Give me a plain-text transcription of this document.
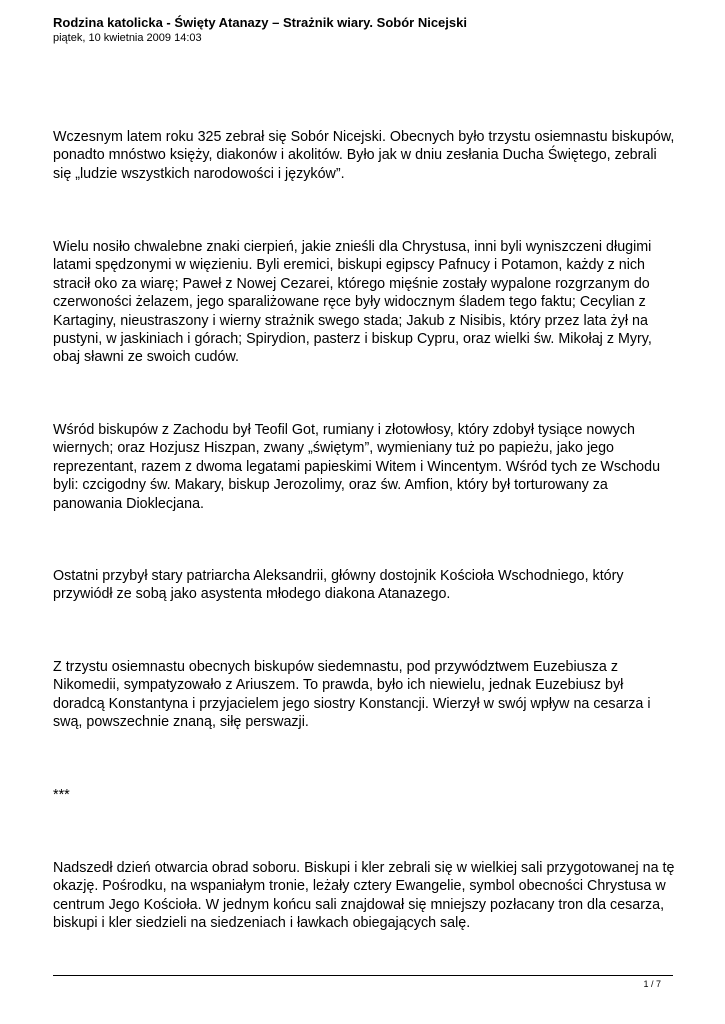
Rodzina katolicka - Święty Atanazy – Strażnik wiary. Sobór Nicejski

piątek, 10 kwietnia 2009 14:03

Wczesnym latem roku 325 zebrał się Sobór Nicejski. Obecnych było trzystu osiemnastu biskupów, ponadto mnóstwo księży, diakonów i akolitów. Było jak w dniu zesłania Ducha Świętego, zebrali się „ludzie wszystkich narodowości i języków”.

Wielu nosiło chwalebne znaki cierpień, jakie znieśli dla Chrystusa, inni byli wyniszczeni długimi latami spędzonymi w więzieniu. Byli eremici, biskupi egipscy Pafnucy i Potamon, każdy z nich stracił oko za wiarę; Paweł z Nowej Cezarei, którego mięśnie zostały wypalone rozgrzanym do czerwoności żelazem, jego sparaliżowane ręce były widocznym śladem tego faktu; Cecylian z Kartaginy, nieustraszony i wierny strażnik swego stada; Jakub z Nisibis, który przez lata żył na pustyni, w jaskiniach i górach; Spirydion, pasterz i biskup Cypru, oraz wielki św. Mikołaj z Myry, obaj sławni ze swoich cudów.

Wśród biskupów z Zachodu był Teofil Got, rumiany i złotowłosy, który zdobył tysiące nowych wiernych; oraz Hozjusz Hiszpan, zwany „świętym”, wymieniany tuż po papieżu, jako jego reprezentant, razem z dwoma legatami papieskimi Witem i Wincentym. Wśród tych ze Wschodu byli: czcigodny św. Makary, biskup Jerozolimy, oraz św. Amfion, który był torturowany za panowania Dioklecjana.

Ostatni przybył stary patriarcha Aleksandrii, główny dostojnik Kościoła Wschodniego, który przywiódł ze sobą jako asystenta młodego diakona Atanazego.

Z trzystu osiemnastu obecnych biskupów siedemnastu, pod przywództwem Euzebiusza z Nikomedii, sympatyzowało z Ariuszem. To prawda, było ich niewielu, jednak Euzebiusz był doradcą Konstantyna i przyjacielem jego siostry Konstancji. Wierzył w swój wpływ na cesarza i swą, powszechnie znaną, siłę perswazji.

***

Nadszedł dzień otwarcia obrad soboru. Biskupi i kler zebrali się w wielkiej sali przygotowanej na tę okazję. Pośrodku, na wspaniałym tronie, leżały cztery Ewangelie, symbol obecności Chrystusa w centrum Jego Kościoła. W jednym końcu sali znajdował się mniejszy pozłacany tron dla cesarza, biskupi i kler siedzieli na siedzeniach i ławkach obiegających salę.

1 / 7
